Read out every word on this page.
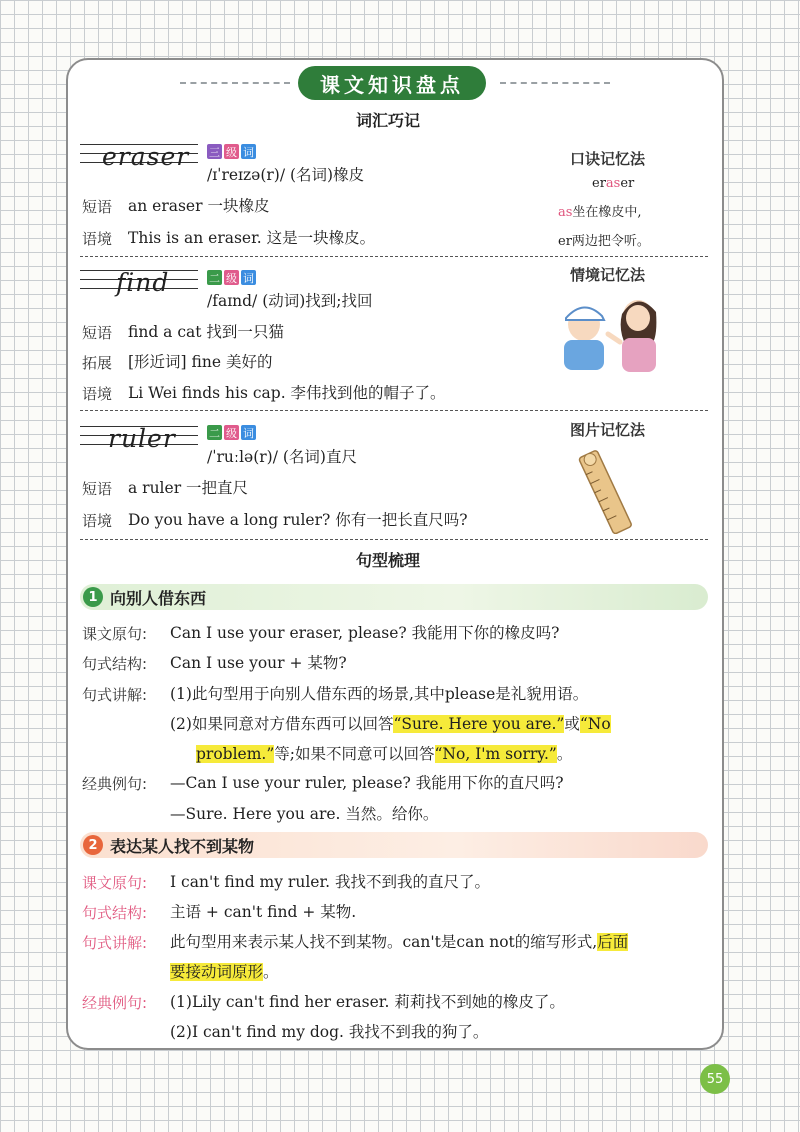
课文知识盘点
词汇巧记
eraser 三 级 词
/ɪˈreɪzə(r)/ (名词)橡皮
短语 an eraser 一块橡皮
语境 This is an eraser. 这是一块橡皮。
口诀记忆法
eraser
as坐在橡皮中,
er两边把令听。
find	二 级 词
/faɪnd/ (动词)找到;找回
短语 find a cat 找到一只猫
拓展 [形近词] fine 美好的
语境 Li Wei finds his cap. 李伟找到他的帽子了。
情境记忆法
ruler	二 级 词
/ˈruːlə(r)/ (名词)直尺
短语 a ruler 一把直尺
语境 Do you have a long ruler? 你有一把长直尺吗?
图片记忆法
句型梳理
1 向别人借东西
课文原句: Can I use your eraser, please? 我能用下你的橡皮吗?
句式结构: Can I use your + 某物?
句式讲解: (1)此句型用于向别人借东西的场景,其中please是礼貌用语。
(2)如果同意对方借东西可以回答“Sure. Here you are.”或“No
problem.”等;如果不同意可以回答“No, I'm sorry.”。
经典例句: —Can I use your ruler, please? 我能用下你的直尺吗?
—Sure. Here you are. 当然。给你。
2 表达某人找不到某物
课文原句: I can't find my ruler. 我找不到我的直尺了。
句式结构: 主语 + can't find + 某物.
句式讲解: 此句型用来表示某人找不到某物。can't是can not的缩写形式,后面
要接动词原形。
经典例句: (1)Lily can't find her eraser. 莉莉找不到她的橡皮了。
(2)I can't find my dog. 我找不到我的狗了。
55
